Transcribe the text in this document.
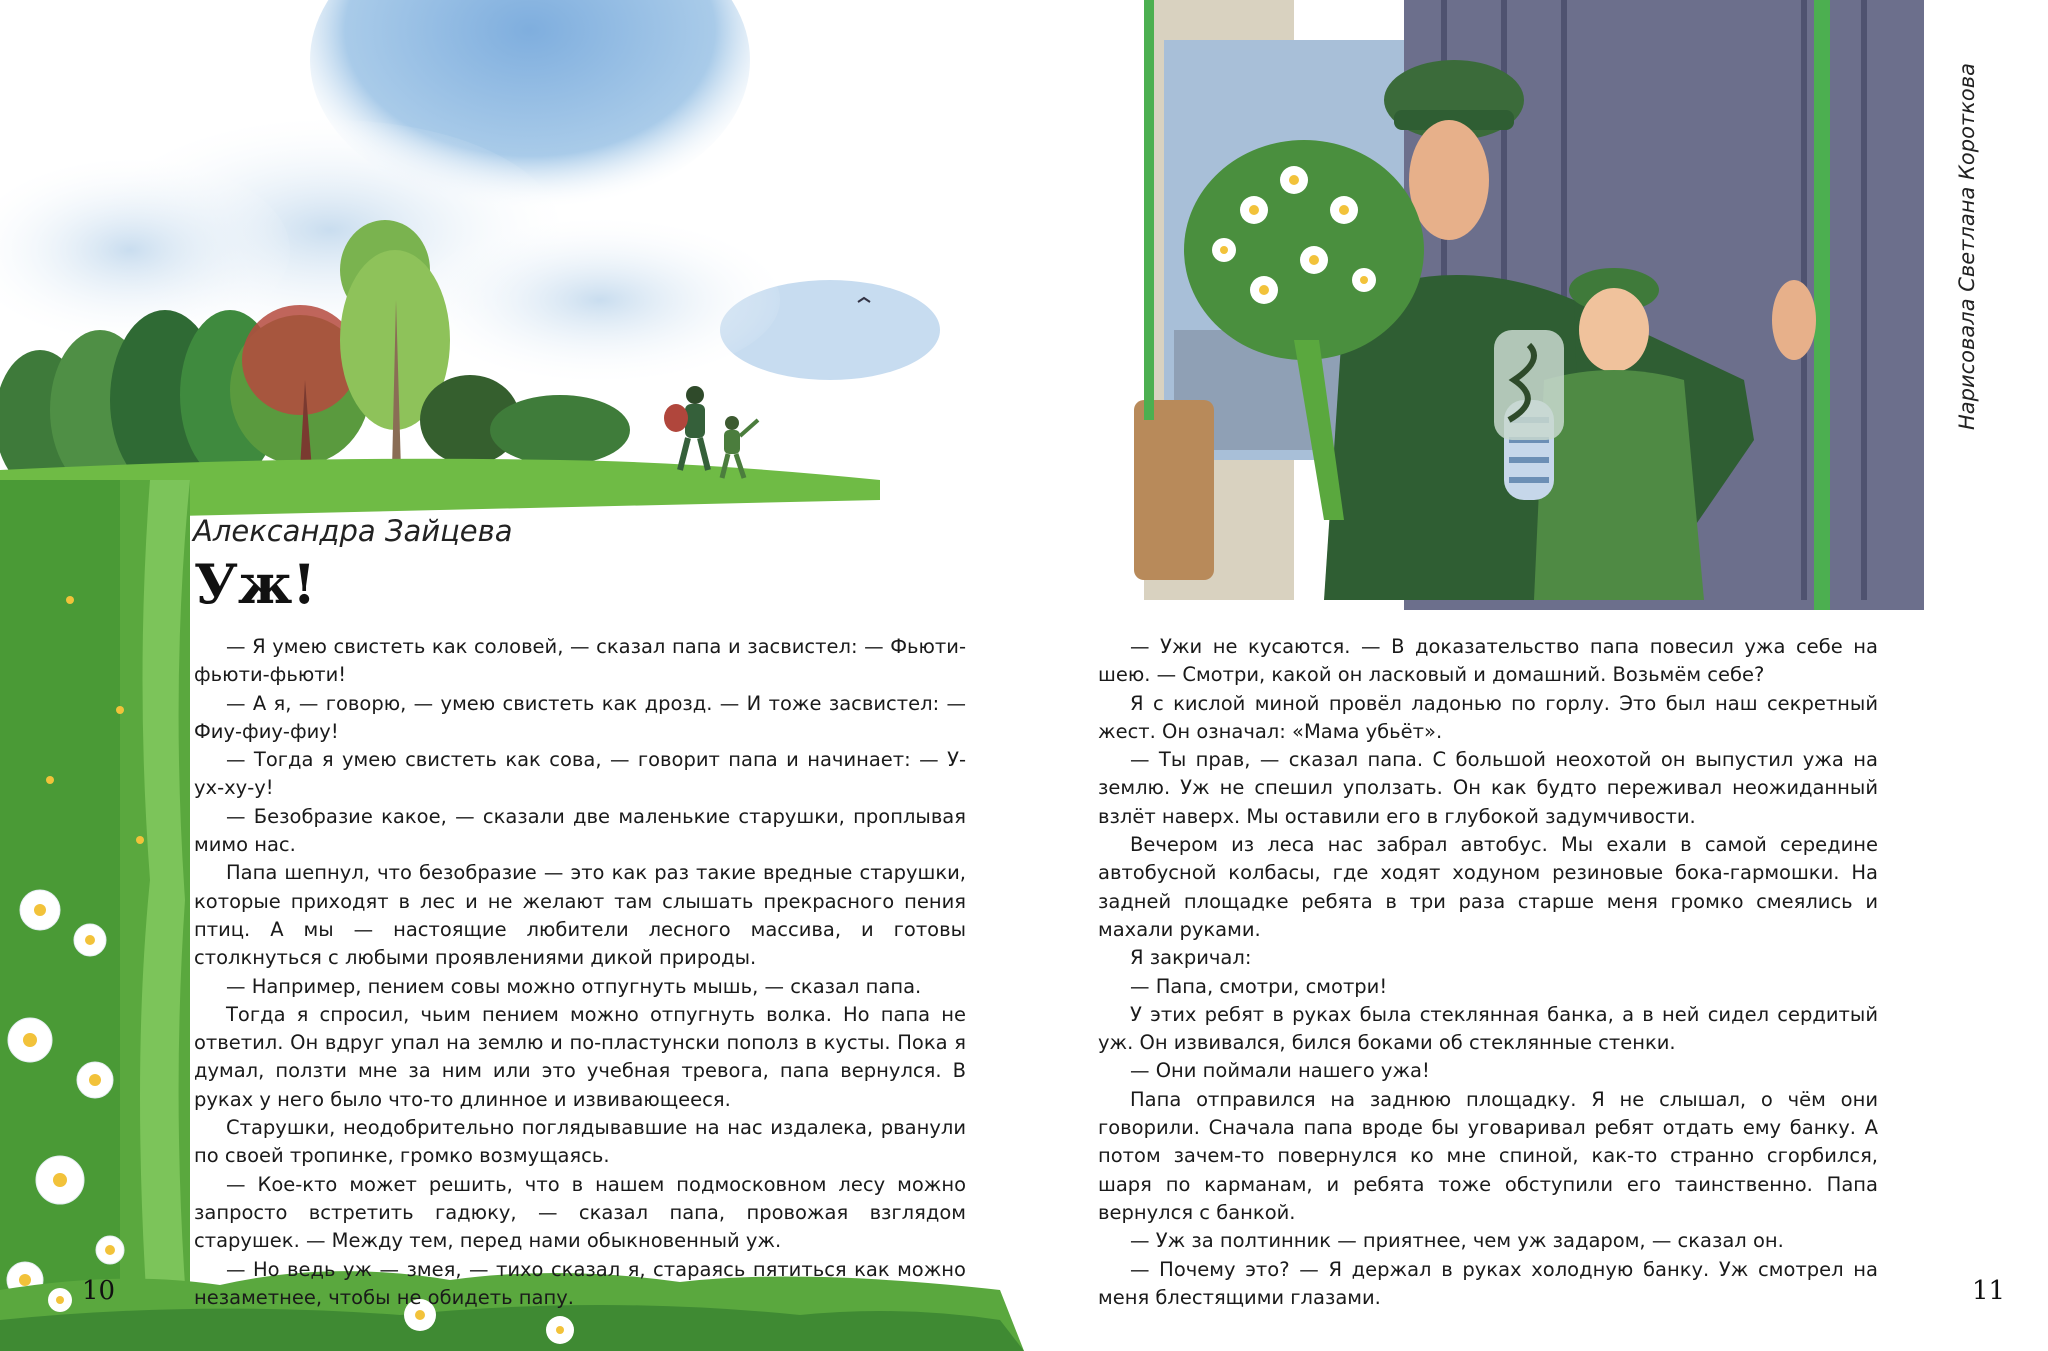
Александра Зайцева
Уж!

— Я умею свистеть как соловей, — сказал папа и засвистел: — Фьюти-фьюти-фьюти!

— А я, — говорю, — умею свистеть как дрозд. — И тоже засвистел: — Фиу-фиу-фиу!

— Тогда я умею свистеть как сова, — говорит папа и начинает: — У-ух-ху-у!

— Безобразие какое, — сказали две маленькие старушки, проплывая мимо нас.

Папа шепнул, что безобразие — это как раз такие вредные старушки, которые приходят в лес и не желают там слышать прекрасного пения птиц. А мы — настоящие любители лесного массива, и готовы столкнуться с любыми проявлениями дикой природы.

— Например, пением совы можно отпугнуть мышь, — сказал папа.

Тогда я спросил, чьим пением можно отпугнуть волка. Но папа не ответил. Он вдруг упал на землю и по-пластунски пополз в кусты. Пока я думал, ползти мне за ним или это учебная тревога, папа вернулся. В руках у него было что-то длинное и извивающееся.

Старушки, неодобрительно поглядывавшие на нас издалека, рванули по своей тропинке, громко возмущаясь.

— Кое-кто может решить, что в нашем подмосковном лесу можно запросто встретить гадюку, — сказал папа, провожая взглядом старушек. — Между тем, перед нами обыкновенный уж.

— Но ведь уж — змея, — тихо сказал я, стараясь пятиться как можно незаметнее, чтобы не обидеть папу.

10

— Ужи не кусаются. — В доказательство папа повесил ужа себе на шею. — Смотри, какой он ласковый и домашний. Возьмём себе?

Я с кислой миной провёл ладонью по горлу. Это был наш секретный жест. Он означал: «Мама убьёт».

— Ты прав, — сказал папа. С большой неохотой он выпустил ужа на землю. Уж не спешил уползать. Он как будто переживал неожиданный взлёт наверх. Мы оставили его в глубокой задумчивости.

Вечером из леса нас забрал автобус. Мы ехали в самой середине автобусной колбасы, где ходят ходуном резиновые бока-гармошки. На задней площадке ребята в три раза старше меня громко смеялись и махали руками.

Я закричал:

— Папа, смотри, смотри!

У этих ребят в руках была стеклянная банка, а в ней сидел сердитый уж. Он извивался, бился боками об стеклянные стенки.

— Они поймали нашего ужа!

Папа отправился на заднюю площадку. Я не слышал, о чём они говорили. Сначала папа вроде бы уговаривал ребят отдать ему банку. А потом зачем-то повернулся ко мне спиной, как-то странно сгорбился, шаря по карманам, и ребята тоже обступили его таинственно. Папа вернулся с банкой.

— Уж за полтинник — приятнее, чем уж задаром, — сказал он.

— Почему это? — Я держал в руках холодную банку. Уж смотрел на меня блестящими глазами.

Нарисовала Светлана Короткова
11
